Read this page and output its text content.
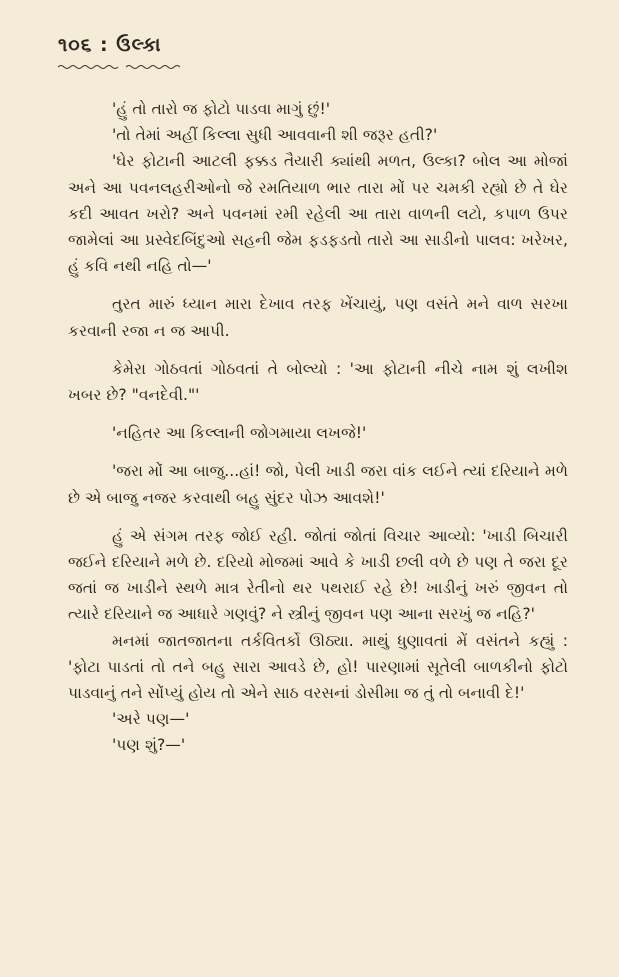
૧૦૬ : ઉલ્કા

'હું તો તારો જ ફોટો પાડવા માગું છું!'

'તો તેમાં અહીં કિલ્લા સુધી આવવાની શી જરૂર હતી?'

'ઘેર ફોટાની આટલી ફક્કડ તૈયારી ક્યાંથી મળત, ઉલ્કા? બોલ આ મોજાં અને આ પવનલહરીઓનો જે રમતિયાળ ભાર તારા મોં પર ચમકી રહ્યો છે તે ઘેર કદી આવત ખરો? અને પવનમાં રમી રહેલી આ તારા વાળની લટો, કપાળ ઉપર જામેલાં આ પ્રસ્વેદબિંદુઓ સહની જેમ ફડફડતો તારો આ સાડીનો પાલવ: ખરેખર, હું કવિ નથી નહિ તો—'

તુરત મારું ધ્યાન મારા દેખાવ તરફ ખેંચાયું, પણ વસંતે મને વાળ સરખા કરવાની રજા ન જ આપી.

કેમેરા ગોઠવતાં ગોઠવતાં તે બોલ્યો : 'આ ફોટાની નીચે નામ શું લખીશ ખબર છે? "વનદેવી."'

'નહિતર આ કિલ્લાની જોગમાયા લખજે!'

'જરા મોં આ બાજુ...હાં! જો, પેલી ખાડી જરા વાંક લઈને ત્યાં દરિયાને મળે છે એ બાજુ નજર કરવાથી બહુ સુંદર પોઝ આવશે!'

હું એ સંગમ તરફ જોઈ રહી. જોતાં જોતાં વિચાર આવ્યો: 'ખાડી બિચારી જઈને દરિયાને મળે છે. દરિયો મોજમાં આવે કે ખાડી છલી વળે છે પણ તે જરા દૂર જતાં જ ખાડીને સ્થળે માત્ર રેતીનો થર પથરાઈ રહે છે! ખાડીનું ખરું જીવન તો ત્યારે દરિયાને જ આધારે ગણવું? ને સ્ત્રીનું જીવન પણ આના સરખું જ નહિ?'

મનમાં જાતજાતના તર્કવિતર્કો ઊઠ્યા. માથું ધુણાવતાં મેં વસંતને કહ્યું : 'ફોટા પાડતાં તો તને બહુ સારા આવડે છે, હો! પારણામાં સૂતેલી બાળકીનો ફોટો પાડવાનું તને સોંપ્યું હોય તો એને સાઠ વરસનાં ડોસીમા જ તું તો બનાવી દે!'

'અરે પણ—'

'પણ શું?—'
